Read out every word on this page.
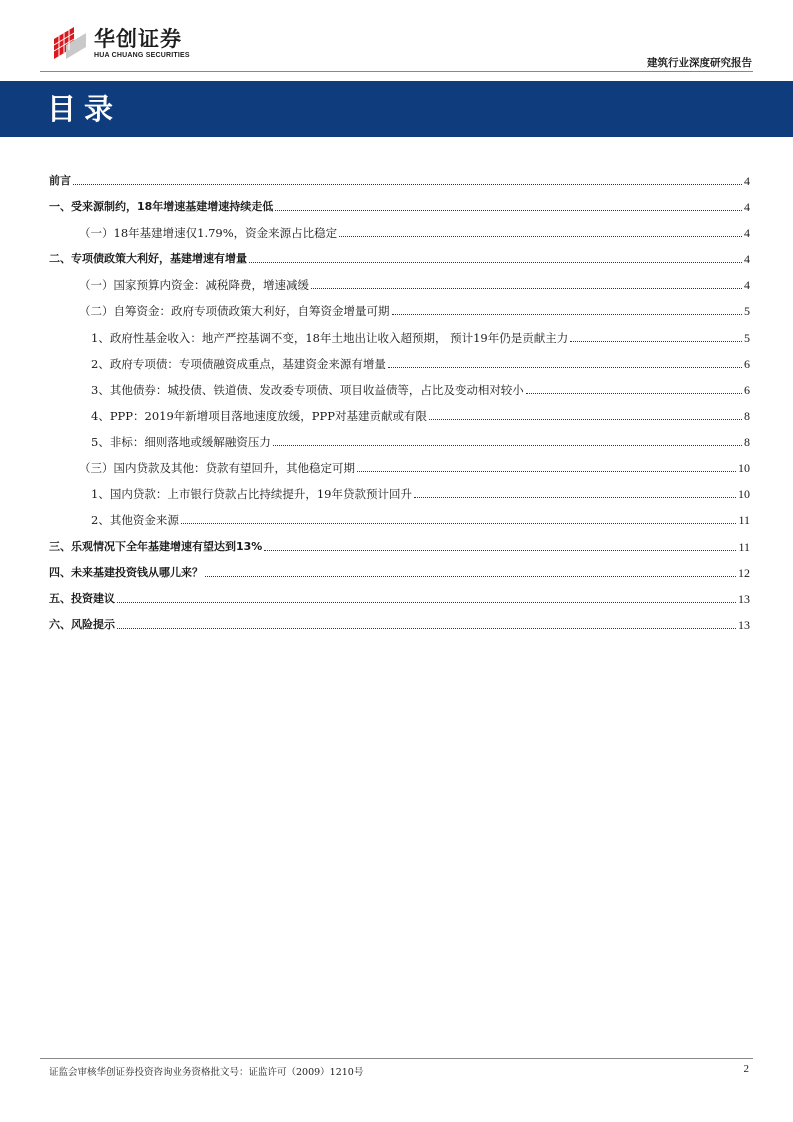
华创证券
HUA CHUANG SECURITIES
建筑行业深度研究报告
目录
前言	4
一、受来源制约，18年增速基建增速持续走低	4
（一）18年基建增速仅1.79%，资金来源占比稳定	4
二、专项债政策大利好，基建增速有增量	4
（一）国家预算内资金：减税降费，增速减缓	4
（二）自筹资金：政府专项债政策大利好，自筹资金增量可期	5
1、政府性基金收入：地产严控基调不变，18年土地出让收入超预期， 预计19年仍是贡献主力	5
2、政府专项债：专项债融资成重点，基建资金来源有增量	6
3、其他债券：城投债、铁道债、发改委专项债、项目收益债等，占比及变动相对较小	6
4、PPP：2019年新增项目落地速度放缓，PPP对基建贡献或有限	8
5、非标：细则落地或缓解融资压力	8
（三）国内贷款及其他：贷款有望回升，其他稳定可期	10
1、国内贷款：上市银行贷款占比持续提升，19年贷款预计回升	10
2、其他资金来源	11
三、乐观情况下全年基建增速有望达到13%	11
四、未来基建投资钱从哪儿来？	12
五、投资建议	13
六、风险提示	13
证监会审核华创证券投资咨询业务资格批文号：证监许可（2009）1210号	2
